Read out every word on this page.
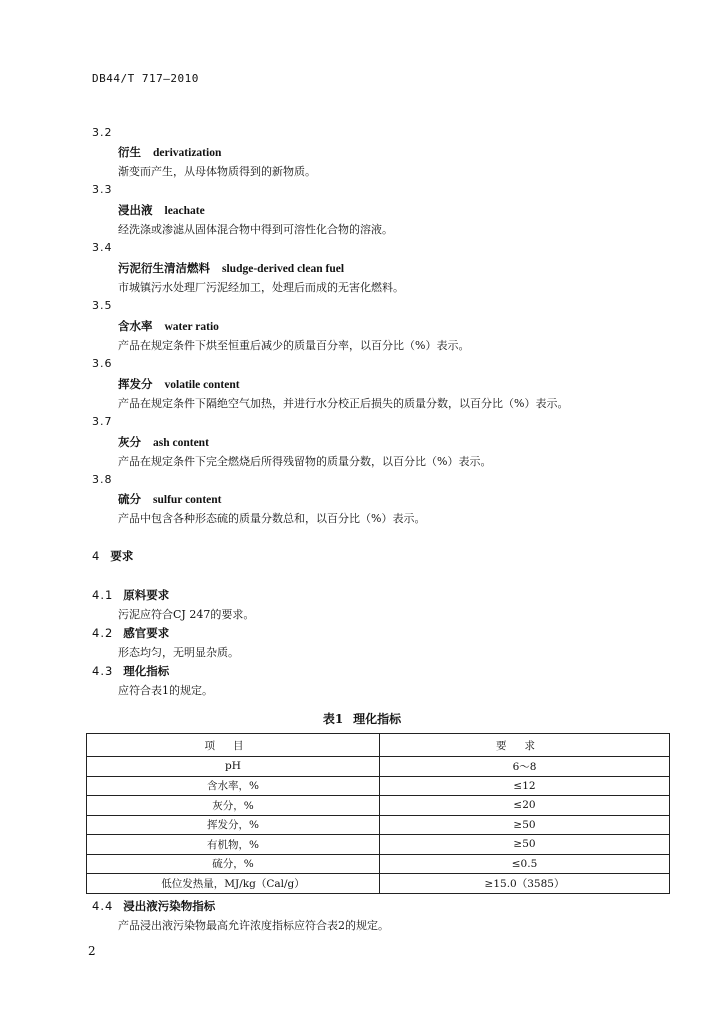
DB44/T 717—2010
3.2
衍生 derivatization
渐变而产生，从母体物质得到的新物质。
3.3
浸出液 leachate
经洗涤或渗滤从固体混合物中得到可溶性化合物的溶液。
3.4
污泥衍生清洁燃料 sludge-derived clean fuel
市城镇污水处理厂污泥经加工，处理后而成的无害化燃料。
3.5
含水率 water ratio
产品在规定条件下烘至恒重后减少的质量百分率，以百分比（%）表示。
3.6
挥发分 volatile content
产品在规定条件下隔绝空气加热，并进行水分校正后损失的质量分数，以百分比（%）表示。
3.7
灰分 ash content
产品在规定条件下完全燃烧后所得残留物的质量分数，以百分比（%）表示。
3.8
硫分 sulfur content
产品中包含各种形态硫的质量分数总和，以百分比（%）表示。
4 要求
4.1 原料要求
污泥应符合CJ 247的要求。
4.2 感官要求
形态均匀，无明显杂质。
4.3 理化指标
应符合表1的规定。
表1 理化指标
项目	要求
pH	6～8
含水率，%	≤12
灰分，%	≤20
挥发分，%	≥50
有机物，%	≥50
硫分，%	≤0.5
低位发热量，MJ/kg（Cal/g）	≥15.0（3585）
4.4 浸出液污染物指标
产品浸出液污染物最高允许浓度指标应符合表2的规定。
2
